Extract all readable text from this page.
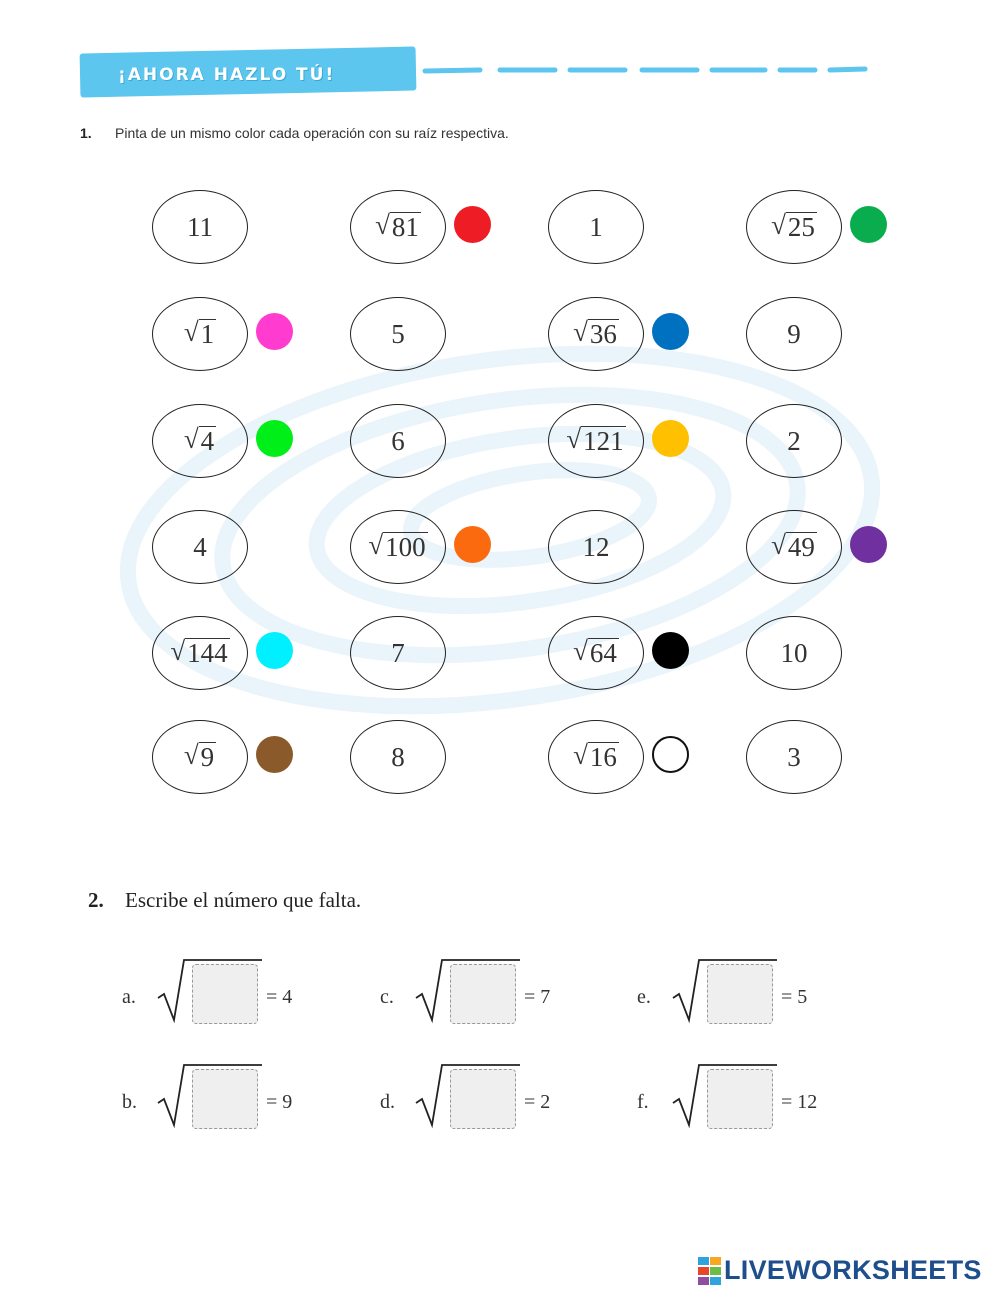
¡AHORA HAZLO TÚ!
1. Pinta de un mismo color cada operación con su raíz respectiva.
11	√ 81	1	√ 25
√ 1	5	√ 36	9
√ 4	6	√ 121	2
4	√ 100	12	√ 49
√ 144	7	√ 64	10
√ 9	8	√ 16	3
2. Escribe el número que falta.
a.	= 4	c.	= 7	e.	= 5
b.	= 9	d.	= 2	f.	= 12
LIVEWORKSHEETS
